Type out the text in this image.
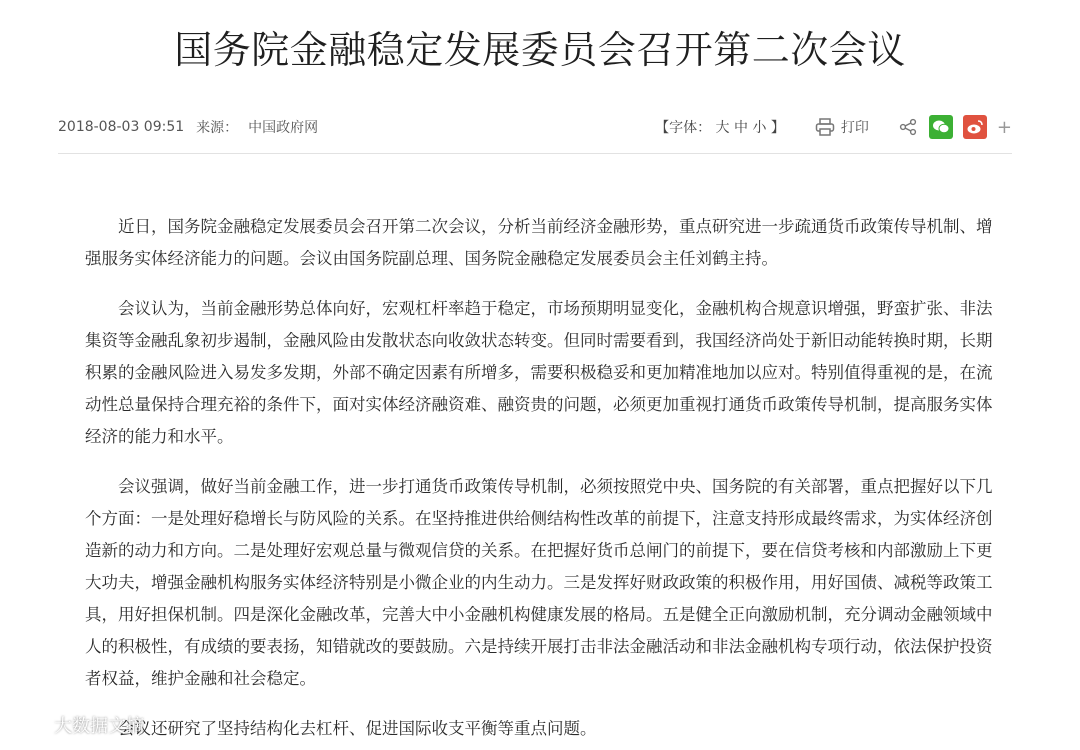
国务院金融稳定发展委员会召开第二次会议
2018-08-03 09:51 来源： 中国政府网	【字体： 大 中 小 】	打印	+

近日，国务院金融稳定发展委员会召开第二次会议，分析当前经济金融形势，重点研究进一步疏通货币政策传导机制、增强服务实体经济能力的问题。会议由国务院副总理、国务院金融稳定发展委员会主任刘鹤主持。

会议认为，当前金融形势总体向好，宏观杠杆率趋于稳定，市场预期明显变化，金融机构合规意识增强，野蛮扩张、非法集资等金融乱象初步遏制，金融风险由发散状态向收敛状态转变。但同时需要看到，我国经济尚处于新旧动能转换时期，长期积累的金融风险进入易发多发期，外部不确定因素有所增多，需要积极稳妥和更加精准地加以应对。特别值得重视的是，在流动性总量保持合理充裕的条件下，面对实体经济融资难、融资贵的问题，必须更加重视打通货币政策传导机制，提高服务实体经济的能力和水平。

会议强调，做好当前金融工作，进一步打通货币政策传导机制，必须按照党中央、国务院的有关部署，重点把握好以下几个方面：一是处理好稳增长与防风险的关系。在坚持推进供给侧结构性改革的前提下，注意支持形成最终需求，为实体经济创造新的动力和方向。二是处理好宏观总量与微观信贷的关系。在把握好货币总闸门的前提下，要在信贷考核和内部激励上下更大功夫，增强金融机构服务实体经济特别是小微企业的内生动力。三是发挥好财政政策的积极作用，用好国债、减税等政策工具，用好担保机制。四是深化金融改革，完善大中小金融机构健康发展的格局。五是健全正向激励机制，充分调动金融领域中人的积极性，有成绩的要表扬，知错就改的要鼓励。六是持续开展打击非法金融活动和非法金融机构专项行动，依法保护投资者权益，维护金融和社会稳定。

会议还研究了坚持结构化去杠杆、促进国际收支平衡等重点问题。

大数据文摘
